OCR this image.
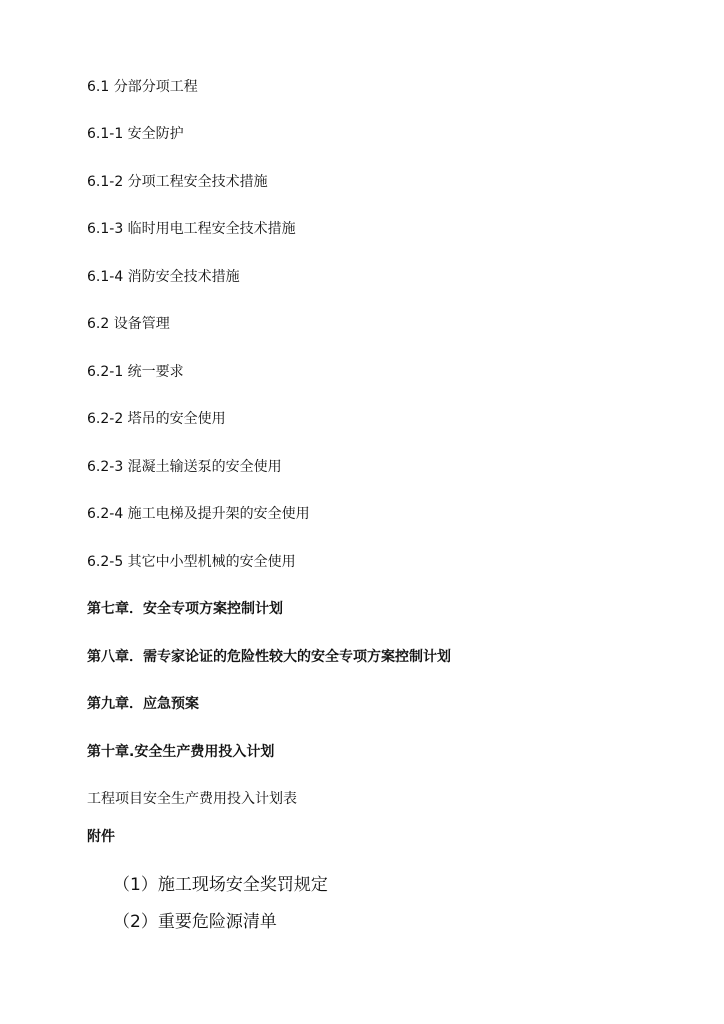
6.1 分部分项工程
6.1-1 安全防护
6.1-2 分项工程安全技术措施
6.1-3 临时用电工程安全技术措施
6.1-4 消防安全技术措施
6.2 设备管理
6.2-1 统一要求
6.2-2 塔吊的安全使用
6.2-3 混凝土输送泵的安全使用
6.2-4 施工电梯及提升架的安全使用
6.2-5 其它中小型机械的安全使用
第七章．安全专项方案控制计划
第八章．需专家论证的危险性较大的安全专项方案控制计划
第九章．应急预案
第十章.安全生产费用投入计划
工程项目安全生产费用投入计划表
附件
（1）施工现场安全奖罚规定
（2）重要危险源清单
